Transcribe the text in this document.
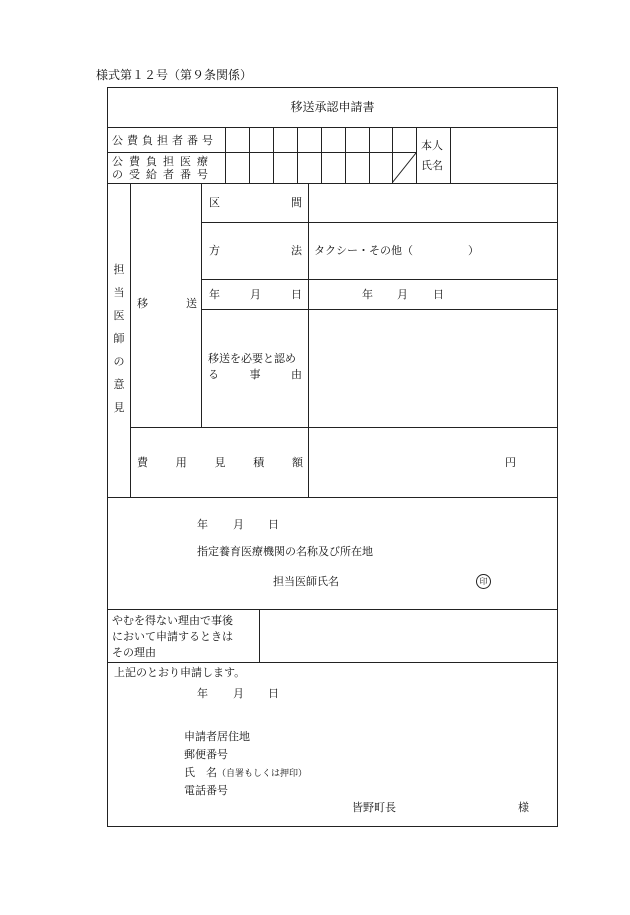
様式第１２号（第９条関係）
移送承認申請書
公費負担者番号
公費負担医療
の受給者番号
本人
氏名
担
当
医
師
の
意
見
移	送
区	間
方	法 タクシー・その他（　　　　　）
年	月	日	年 月 日
移送を必要と認め
る	事	由
費	用	見	積	額	円
年 月 日
指定養育医療機関の名称及び所在地
担当医師氏名	印
やむを得ない理由で事後
において申請するときは
その理由
上記のとおり申請します。
年 月 日
申請者居住地
郵便番号
氏　名（自署もしくは押印）
電話番号
皆野町長	様
